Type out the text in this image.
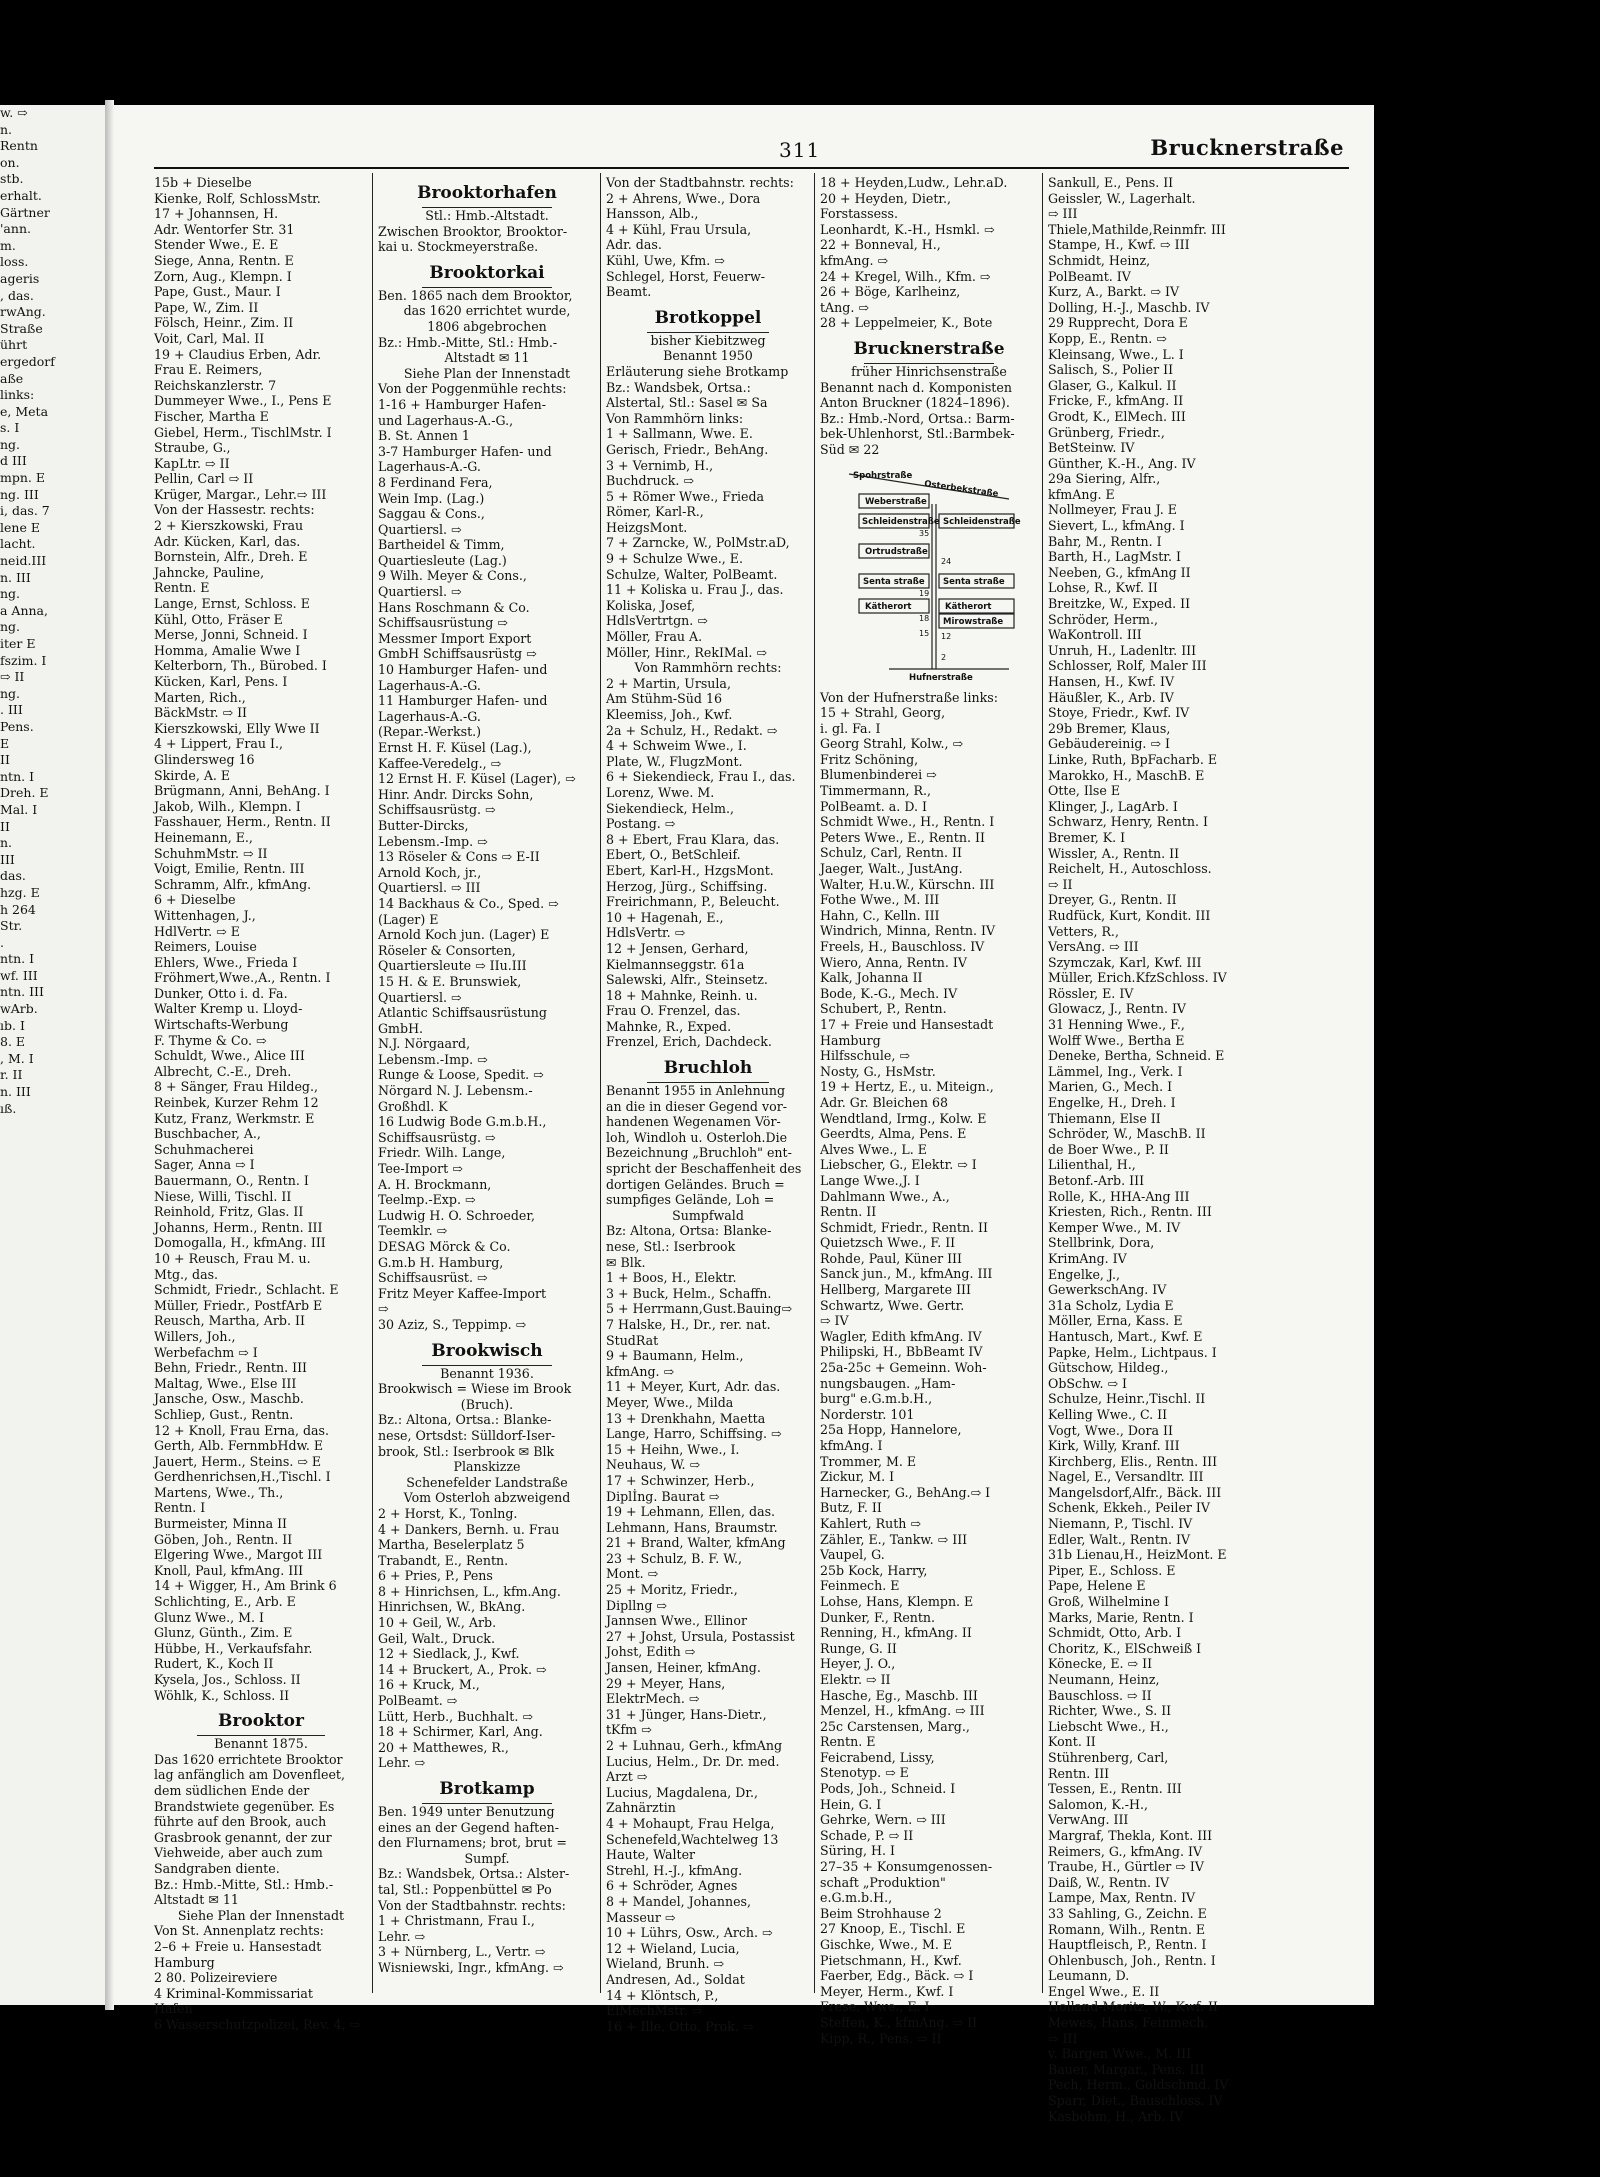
w. ⇨
n.
Rentn
on.
stb.
erhalt.
Gärtner
'ann.
m.
loss.
ageris
, das.
rwAng.
Straße
ührt
ergedorf
aße
links:
e, Meta
s. I
ng.
d III
mpn. E
ng. III
i, das. 7
lene E
lacht.
neid.III
n. III
ng.
a Anna,
ng.
iter E
fszim. I
⇨ II
ng.
. III
Pens.
E
II
ntn. I
Dreh. E
Mal. I
II
n.
III
das.
hzg. E
h 264
Str.
.
ntn. I
wf. III
ntn. III
wArb.
ıb. I
8. E
, M. I
r. II
n. III
ıß.
311	Brucknerstraße
15b + Dieselbe
Kienke, Rolf, SchlossMstr.
17 + Johannsen, H.
Adr. Wentorfer Str. 31
Stender Wwe., E. E
Siege, Anna, Rentn. E
Zorn, Aug., Klempn. I
Pape, Gust., Maur. I
Pape, W., Zim. II
Fölsch, Heinr., Zim. II
Voit, Carl, Mal. II
19 + Claudius Erben, Adr.
Frau E. Reimers,
Reichskanzlerstr. 7
Dummeyer Wwe., I., Pens E
Fischer, Martha E
Giebel, Herm., TischlMstr. I
Straube, G.,
KapLtr. ⇨ II
Pellin, Carl ⇨ II
Krüger, Margar., Lehr.⇨ III
Von der Hassestr. rechts:
2 + Kierszkowski, Frau
Adr. Kücken, Karl, das.
Bornstein, Alfr., Dreh. E
Jahncke, Pauline,
Rentn. E
Lange, Ernst, Schloss. E
Kühl, Otto, Fräser E
Merse, Jonni, Schneid. I
Homma, Amalie Wwe I
Kelterborn, Th., Bürobed. I
Kücken, Karl, Pens. I
Marten, Rich.,
BäckMstr. ⇨ II
Kierszkowski, Elly Wwe II
4 + Lippert, Frau I.,
Glindersweg 16
Skirde, A. E
Brügmann, Anni, BehAng. I
Jakob, Wilh., Klempn. I
Fasshauer, Herm., Rentn. II
Heinemann, E.,
SchuhmMstr. ⇨ II
Voigt, Emilie, Rentn. III
Schramm, Alfr., kfmAng.
6 + Dieselbe
Wittenhagen, J.,
HdlVertr. ⇨ E
Reimers, Louise
Ehlers, Wwe., Frieda I
Fröhmert,Wwe.,A., Rentn. I
Dunker, Otto i. d. Fa.
Walter Kremp u. Lloyd-
Wirtschafts-Werbung
F. Thyme & Co. ⇨
Schuldt, Wwe., Alice III
Albrecht, C.-E., Dreh.
8 + Sänger, Frau Hildeg.,
Reinbek, Kurzer Rehm 12
Kutz, Franz, Werkmstr. E
Buschbacher, A.,
Schuhmacherei
Sager, Anna ⇨ I
Bauermann, O., Rentn. I
Niese, Willi, Tischl. II
Reinhold, Fritz, Glas. II
Johanns, Herm., Rentn. III
Domogalla, H., kfmAng. III
10 + Reusch, Frau M. u.
Mtg., das.
Schmidt, Friedr., Schlacht. E
Müller, Friedr., PostfArb E
Reusch, Martha, Arb. II
Willers, Joh.,
Werbefachm ⇨ I
Behn, Friedr., Rentn. III
Maltag, Wwe., Else III
Jansche, Osw., Maschb.
Schliep, Gust., Rentn.
12 + Knoll, Frau Erna, das.
Gerth, Alb. FernmbHdw. E
Jauert, Herm., Steins. ⇨ E
Gerdhenrichsen,H.,Tischl. I
Martens, Wwe., Th.,
Rentn. I
Burmeister, Minna II
Göben, Joh., Rentn. II
Elgering Wwe., Margot III
Knoll, Paul, kfmAng. III
14 + Wigger, H., Am Brink 6
Schlichting, E., Arb. E
Glunz Wwe., M. I
Glunz, Günth., Zim. E
Hübbe, H., Verkaufsfahr.
Rudert, K., Koch II
Kysela, Jos., Schloss. II
Wöhlk, K., Schloss. II
Brooktor
Benannt 1875.
Das 1620 errichtete Brooktor
lag anfänglich am Dovenfleet,
dem südlichen Ende der
Brandstwiete gegenüber. Es
führte auf den Brook, auch
Grasbrook genannt, der zur
Viehweide, aber auch zum
Sandgraben diente.
Bz.: Hmb.-Mitte, Stl.: Hmb.-
Altstadt ✉ 11
Siehe Plan der Innenstadt
Von St. Annenplatz rechts:
2–6 + Freie u. Hansestadt
Hamburg
2 80. Polizeireviere
4 Kriminal-Kommissariat
Hafen
6 Wasserschutzpolizei, Rev. 4, ⇨
Brooktorhafen
Stl.: Hmb.-Altstadt.
Zwischen Brooktor, Brooktor-
kai u. Stockmeyerstraße.
Brooktorkai
Ben. 1865 nach dem Brooktor,
das 1620 errichtet wurde,
1806 abgebrochen
Bz.: Hmb.-Mitte, Stl.: Hmb.-
Altstadt ✉ 11
Siehe Plan der Innenstadt
Von der Poggenmühle rechts:
1-16 + Hamburger Hafen-
und Lagerhaus-A.-G.,
B. St. Annen 1
3-7 Hamburger Hafen- und
Lagerhaus-A.-G.
8 Ferdinand Fera,
Wein Imp. (Lag.)
Saggau & Cons.,
Quartiersl. ⇨
Bartheidel & Timm,
Quartiesleute (Lag.)
9 Wilh. Meyer & Cons.,
Quartiersl. ⇨
Hans Roschmann & Co.
Schiffsausrüstung ⇨
Messmer Import Export
GmbH Schiffsausrüstg ⇨
10 Hamburger Hafen- und
Lagerhaus-A.-G.
11 Hamburger Hafen- und
Lagerhaus-A.-G.
(Repar.-Werkst.)
Ernst H. F. Küsel (Lag.),
Kaffee-Veredelg., ⇨
12 Ernst H. F. Küsel (Lager), ⇨
Hinr. Andr. Dircks Sohn,
Schiffsausrüstg. ⇨
Butter-Dircks,
Lebensm.-Imp. ⇨
13 Röseler & Cons ⇨ E-II
Arnold Koch, jr.,
Quartiersl. ⇨ III
14 Backhaus & Co., Sped. ⇨
(Lager) E
Arnold Koch jun. (Lager) E
Röseler & Consorten,
Quartiersleute ⇨ IIu.III
15 H. & E. Brunswiek,
Quartiersl. ⇨
Atlantic Schiffsausrüstung
GmbH.
N.J. Nörgaard,
Lebensm.-Imp. ⇨
Runge & Loose, Spedit. ⇨
Nörgard N. J. Lebensm.-
Großhdl. K
16 Ludwig Bode G.m.b.H.,
Schiffsausrüstg. ⇨
Friedr. Wilh. Lange,
Tee-Import ⇨
A. H. Brockmann,
Teelmp.-Exp. ⇨
Ludwig H. O. Schroeder,
Teemklr. ⇨
DESAG Mörck & Co.
G.m.b H. Hamburg,
Schiffsausrüst. ⇨
Fritz Meyer Kaffee-Import
⇨
30 Aziz, S., Teppimp. ⇨
Brookwisch
Benannt 1936.
Brookwisch = Wiese im Brook
(Bruch).
Bz.: Altona, Ortsa.: Blanke-
nese, Ortsdst: Sülldorf-Iser-
brook, Stl.: Iserbrook ✉ Blk
Planskizze
Schenefelder Landstraße
Vom Osterloh abzweigend
2 + Horst, K., Tonlng.
4 + Dankers, Bernh. u. Frau
Martha, Beselerplatz 5
Trabandt, E., Rentn.
6 + Pries, P., Pens
8 + Hinrichsen, L., kfm.Ang.
Hinrichsen, W., BkAng.
10 + Geil, W., Arb.
Geil, Walt., Druck.
12 + Siedlack, J., Kwf.
14 + Bruckert, A., Prok. ⇨
16 + Kruck, M.,
PolBeamt. ⇨
Lütt, Herb., Buchhalt. ⇨
18 + Schirmer, Karl, Ang.
20 + Matthewes, R.,
Lehr. ⇨
Brotkamp
Ben. 1949 unter Benutzung
eines an der Gegend haften-
den Flurnamens; brot, brut =
Sumpf.
Bz.: Wandsbek, Ortsa.: Alster-
tal, Stl.: Poppenbüttel ✉ Po
Von der Stadtbahnstr. rechts:
1 + Christmann, Frau I.,
Lehr. ⇨
3 + Nürnberg, L., Vertr. ⇨
Wisniewski, Ingr., kfmAng. ⇨
Von der Stadtbahnstr. rechts:
2 + Ahrens, Wwe., Dora
Hansson, Alb.,
4 + Kühl, Frau Ursula,
Adr. das.
Kühl, Uwe, Kfm. ⇨
Schlegel, Horst, Feuerw-
Beamt.
Brotkoppel
bisher Kiebitzweg
Benannt 1950
Erläuterung siehe Brotkamp
Bz.: Wandsbek, Ortsa.:
Alstertal, Stl.: Sasel ✉ Sa
Von Rammhörn links:
1 + Sallmann, Wwe. E.
Gerisch, Friedr., BehAng.
3 + Vernimb, H.,
Buchdruck. ⇨
5 + Römer Wwe., Frieda
Römer, Karl-R.,
HeizgsMont.
7 + Zarncke, W., PolMstr.aD,
9 + Schulze Wwe., E.
Schulze, Walter, PolBeamt.
11 + Koliska u. Frau J., das.
Koliska, Josef,
HdlsVertrtgn. ⇨
Möller, Frau A.
Möller, Hinr., RekIMal. ⇨
Von Rammhörn rechts:
2 + Martin, Ursula,
Am Stühm-Süd 16
Kleemiss, Joh., Kwf.
2a + Schulz, H., Redakt. ⇨
4 + Schweim Wwe., I.
Plate, W., FlugzMont.
6 + Siekendieck, Frau I., das.
Lorenz, Wwe. M.
Siekendieck, Helm.,
Postang. ⇨
8 + Ebert, Frau Klara, das.
Ebert, O., BetSchleif.
Ebert, Karl-H., HzgsMont.
Herzog, Jürg., Schiffsing.
Freirichmann, P., Beleucht.
10 + Hagenah, E.,
HdlsVertr. ⇨
12 + Jensen, Gerhard,
Kielmannseggstr. 61a
Salewski, Alfr., Steinsetz.
18 + Mahnke, Reinh. u.
Frau O. Frenzel, das.
Mahnke, R., Exped.
Frenzel, Erich, Dachdeck.
Bruchloh
Benannt 1955 in Anlehnung
an die in dieser Gegend vor-
handenen Wegenamen Vör-
loh, Windloh u. Osterloh.Die
Bezeichnung „Bruchloh" ent-
spricht der Beschaffenheit des
dortigen Geländes. Bruch =
sumpfiges Gelände, Loh =
Sumpfwald
Bz: Altona, Ortsa: Blanke-
nese, Stl.: Iserbrook
✉ Blk.
1 + Boos, H., Elektr.
3 + Buck, Helm., Schaffn.
5 + Herrmann,Gust.Bauing⇨
7 Halske, H., Dr., rer. nat.
StudRat
9 + Baumann, Helm.,
kfmAng. ⇨
11 + Meyer, Kurt, Adr. das.
Meyer, Wwe., Milda
13 + Drenkhahn, Maetta
Lange, Harro, Schiffsing. ⇨
15 + Heihn, Wwe., I.
Neuhaus, W. ⇨
17 + Schwinzer, Herb.,
Diplİng. Baurat ⇨
19 + Lehmann, Ellen, das.
Lehmann, Hans, Braumstr.
21 + Brand, Walter, kfmAng
23 + Schulz, B. F. W.,
Mont. ⇨
25 + Moritz, Friedr.,
Dipllng ⇨
Jannsen Wwe., Ellinor
27 + Johst, Ursula, Postassist
Johst, Edith ⇨
Jansen, Heiner, kfmAng.
29 + Meyer, Hans,
ElektrMech. ⇨
31 + Jünger, Hans-Dietr.,
tKfm ⇨
2 + Luhnau, Gerh., kfmAng
Lucius, Helm., Dr. Dr. med.
Arzt ⇨
Lucius, Magdalena, Dr.,
Zahnärztin
4 + Mohaupt, Frau Helga,
Schenefeld,Wachtelweg 13
Haute, Walter
Strehl, H.-J., kfmAng.
6 + Schröder, Agnes
8 + Mandel, Johannes,
Masseur ⇨
10 + Lührs, Osw., Arch. ⇨
12 + Wieland, Lucia,
Wieland, Brunh. ⇨
Andresen, Ad., Soldat
14 + Klöntsch, P.,
ElMechMstr. ⇨
16 + Ille, Otto, Prok. ⇨
18 + Heyden,Ludw., Lehr.aD.
20 + Heyden, Dietr.,
Forstassess.
Leonhardt, K.-H., Hsmkl. ⇨
22 + Bonneval, H.,
kfmAng. ⇨
24 + Kregel, Wilh., Kfm. ⇨
26 + Böge, Karlheinz,
tAng. ⇨
28 + Leppelmeier, K., Bote
Brucknerstraße
früher Hinrichsenstraße
Benannt nach d. Komponisten
Anton Bruckner (1824–1896).
Bz.: Hmb.-Nord, Ortsa.: Barm-
bek-Uhlenhorst, Stl.:Barmbek-
Süd ✉ 22
Spohrstraße
Osterbekstraße
Weberstraße
Schleidenstraße Schleidenstraße
Ortrudstraße
Senta straße Senta straße
Kätherort	Kätherort
Mirowstraße
Hufnerstraße
35
24
19
18
15 12
2
Von der Hufnerstraße links:
15 + Strahl, Georg,
i. gl. Fa. I
Georg Strahl, Kolw., ⇨
Fritz Schöning,
Blumenbinderei ⇨
Timmermann, R.,
PolBeamt. a. D. I
Schmidt Wwe., H., Rentn. I
Peters Wwe., E., Rentn. II
Schulz, Carl, Rentn. II
Jaeger, Walt., JustAng.
Walter, H.u.W., Kürschn. III
Fothe Wwe., M. III
Hahn, C., Kelln. III
Windrich, Minna, Rentn. IV
Freels, H., Bauschloss. IV
Wiero, Anna, Rentn. IV
Kalk, Johanna II
Bode, K.-G., Mech. IV
Schubert, P., Rentn.
17 + Freie und Hansestadt
Hamburg
Hilfsschule, ⇨
Nosty, G., HsMstr.
19 + Hertz, E., u. Miteign.,
Adr. Gr. Bleichen 68
Wendtland, Irmg., Kolw. E
Geerdts, Alma, Pens. E
Alves Wwe., L. E
Liebscher, G., Elektr. ⇨ I
Lange Wwe.,J. I
Dahlmann Wwe., A.,
Rentn. II
Schmidt, Friedr., Rentn. II
Quietzsch Wwe., F. II
Rohde, Paul, Küner III
Sanck jun., M., kfmAng. III
Hellberg, Margarete III
Schwartz, Wwe. Gertr.
⇨ IV
Wagler, Edith kfmAng. IV
Philipski, H., BbBeamt IV
25a-25c + Gemeinn. Woh-
nungsbaugen. „Ham-
burg" e.G.m.b.H.,
Norderstr. 101
25a Hopp, Hannelore,
kfmAng. I
Trommer, M. E
Zickur, M. I
Harnecker, G., BehAng.⇨ I
Butz, F. II
Kahlert, Ruth ⇨
Zähler, E., Tankw. ⇨ III
Vaupel, G.
25b Kock, Harry,
Feinmech. E
Lohse, Hans, Klempn. E
Dunker, F., Rentn.
Renning, H., kfmAng. II
Runge, G. II
Heyer, J. O.,
Elektr. ⇨ II
Hasche, Eg., Maschb. III
Menzel, H., kfmAng. ⇨ III
25c Carstensen, Marg.,
Rentn. E
Feicrabend, Lissy,
Stenotyp. ⇨ E
Pods, Joh., Schneid. I
Hein, G. I
Gehrke, Wern. ⇨ III
Schade, P. ⇨ II
Süring, H. I
27–35 + Konsumgenossen-
schaft „Produktion"
e.G.m.b.H.,
Beim Strohhause 2
27 Knoop, E., Tischl. E
Gischke, Wwe., M. E
Pietschmann, H., Kwf.
Faerber, Edg., Bäck. ⇨ I
Meyer, Herm., Kwf. I
Frese, Wwe., E. I
Steffen, K., kfmAng. ⇨ II
Kipp, R., Pens. ⇨ II
Sankull, E., Pens. II
Geissler, W., Lagerhalt.
⇨ III
Thiele,Mathilde,Reinmfr. III
Stampe, H., Kwf. ⇨ III
Schmidt, Heinz,
PolBeamt. IV
Kurz, A., Barkt. ⇨ IV
Dolling, H.-J., Maschb. IV
29 Rupprecht, Dora E
Kopp, E., Rentn. ⇨
Kleinsang, Wwe., L. I
Salisch, S., Polier II
Glaser, G., Kalkul. II
Fricke, F., kfmAng. II
Grodt, K., ElMech. III
Grünberg, Friedr.,
BetSteinw. IV
Günther, K.-H., Ang. IV
29a Siering, Alfr.,
kfmAng. E
Nollmeyer, Frau J. E
Sievert, L., kfmAng. I
Bahr, M., Rentn. I
Barth, H., LagMstr. I
Neeben, G., kfmAng II
Lohse, R., Kwf. II
Breitzke, W., Exped. II
Schröder, Herm.,
WaKontroll. III
Unruh, H., Ladenltr. III
Schlosser, Rolf, Maler III
Hansen, H., Kwf. IV
Häußler, K., Arb. IV
Stoye, Friedr., Kwf. IV
29b Bremer, Klaus,
Gebäudereinig. ⇨ I
Linke, Ruth, BpFacharb. E
Marokko, H., MaschB. E
Otte, Ilse E
Klinger, J., LagArb. I
Schwarz, Henry, Rentn. I
Bremer, K. I
Wissler, A., Rentn. II
Reichelt, H., Autoschloss.
⇨ II
Dreyer, G., Rentn. II
Rudfück, Kurt, Kondit. III
Vetters, R.,
VersAng. ⇨ III
Szymczak, Karl, Kwf. III
Müller, Erich.KfzSchloss. IV
Rössler, E. IV
Glowacz, J., Rentn. IV
31 Henning Wwe., F.,
Wolff Wwe., Bertha E
Deneke, Bertha, Schneid. E
Lämmel, Ing., Verk. I
Marien, G., Mech. I
Engelke, H., Dreh. I
Thiemann, Else II
Schröder, W., MaschB. II
de Boer Wwe., P. II
Lilienthal, H.,
Betonf.-Arb. III
Rolle, K., HHA-Ang III
Kriesten, Rich., Rentn. III
Kemper Wwe., M. IV
Stellbrink, Dora,
KrimAng. IV
Engelke, J.,
GewerkschAng. IV
31a Scholz, Lydia E
Möller, Erna, Kass. E
Hantusch, Mart., Kwf. E
Papke, Helm., Lichtpaus. I
Gütschow, Hildeg.,
ObSchw. ⇨ I
Schulze, Heinr.,Tischl. II
Kelling Wwe., C. II
Vogt, Wwe., Dora II
Kirk, Willy, Kranf. III
Kirchberg, Elis., Rentn. III
Nagel, E., Versandltr. III
Mangelsdorf,Alfr., Bäck. III
Schenk, Ekkeh., Peiler IV
Niemann, P., Tischl. IV
Edler, Walt., Rentn. IV
31b Lienau,H., HeizMont. E
Piper, E., Schloss. E
Pape, Helene E
Groß, Wilhelmine I
Marks, Marie, Rentn. I
Schmidt, Otto, Arb. I
Choritz, K., ElSchweiß I
Könecke, E. ⇨ II
Neumann, Heinz,
Bauschloss. ⇨ II
Richter, Wwe., S. II
Liebscht Wwe., H.,
Kont. II
Stührenberg, Carl,
Rentn. III
Tessen, E., Rentn. III
Salomon, K.-H.,
VerwAng. III
Margraf, Thekla, Kont. III
Reimers, G., kfmAng. IV
Traube, H., Gürtler ⇨ IV
Daiß, W., Rentn. IV
Lampe, Max, Rentn. IV
33 Sahling, G., Zeichn. E
Romann, Wilh., Rentn. E
Hauptfleisch, P., Rentn. I
Ohlenbusch, Joh., Rentn. I
Leumann, D.
Engel Wwe., E. II
Holland-Moritz, W., Kwf. II
Mewes, Hans, Feinmech.
⇨ III
v. Bargen Wwe., M. III
Bauer, Margar., Pens. III
Pech, Herm., Goldschmd. IV
Sparr, Diet., Bauschloss. IV
Kasbohm, H., Arb. IV
